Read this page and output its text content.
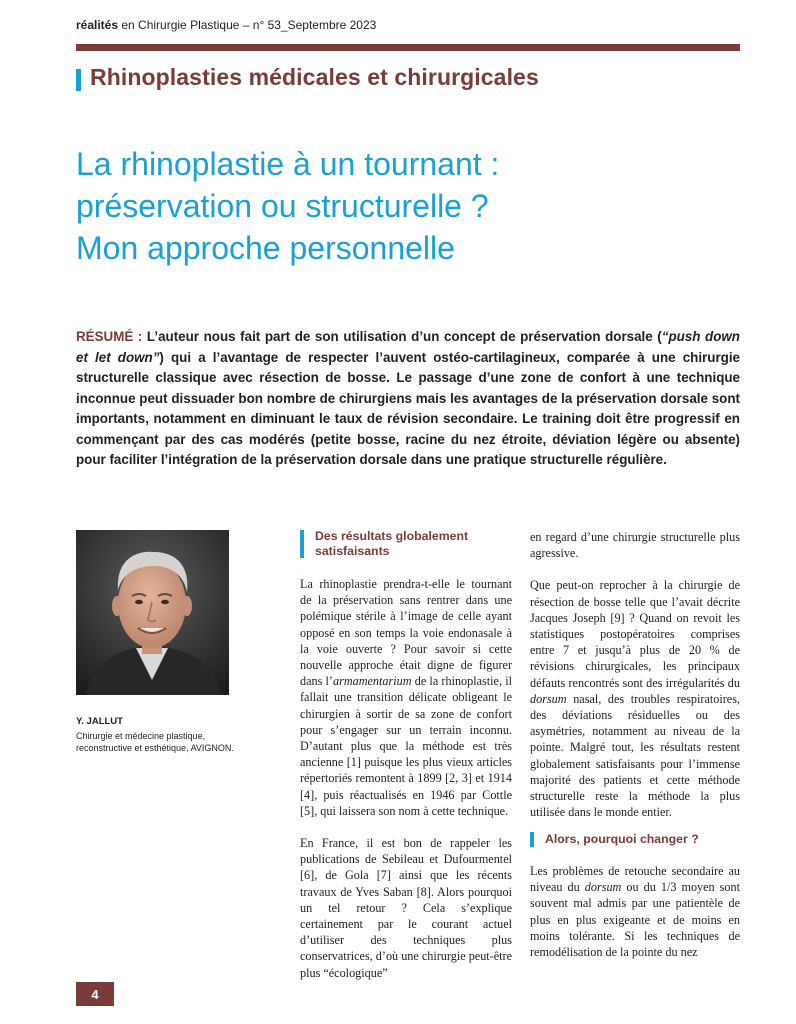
réalités en Chirurgie Plastique – n° 53_Septembre 2023
Rhinoplasties médicales et chirurgicales
La rhinoplastie à un tournant :
préservation ou structurelle ?
Mon approche personnelle
RÉSUMÉ : L’auteur nous fait part de son utilisation d’un concept de préservation dorsale (“push down et let down”) qui a l’avantage de respecter l’auvent ostéo-cartilagineux, comparée à une chirurgie structurelle classique avec résection de bosse. Le passage d’une zone de confort à une technique inconnue peut dissuader bon nombre de chirurgiens mais les avantages de la préservation dorsale sont importants, notamment en diminuant le taux de révision secondaire. Le training doit être progressif en commençant par des cas modérés (petite bosse, racine du nez étroite, déviation légère ou absente) pour faciliter l’intégration de la préservation dorsale dans une pratique structurelle régulière.
Y. JALLUT
Chirurgie et médecine plastique, reconstructive et esthétique, AVIGNON.
Des résultats globalement satisfaisants

La rhinoplastie prendra-t-elle le tournant de la préservation sans rentrer dans une polémique stérile à l’image de celle ayant opposé en son temps la voie endonasale à la voie ouverte ? Pour savoir si cette nouvelle approche était digne de figurer dans l’armamentarium de la rhinoplastie, il fallait une transition délicate obligeant le chirurgien à sortir de sa zone de confort pour s’engager sur un terrain inconnu. D’autant plus que la méthode est très ancienne [1] puisque les plus vieux articles répertoriés remontent à 1899 [2, 3] et 1914 [4], puis réactualisés en 1946 par Cottle [5], qui laissera son nom à cette technique.

En France, il est bon de rappeler les publications de Sebileau et Dufourmentel [6], de Gola [7] ainsi que les récents travaux de Yves Saban [8]. Alors pourquoi un tel retour ? Cela s’explique certainement par le courant actuel d’utiliser des techniques plus conservatrices, d’où une chirurgie peut-être plus “écologique”

en regard d’une chirurgie structurelle plus agressive.

Que peut-on reprocher à la chirurgie de résection de bosse telle que l’avait décrite Jacques Joseph [9] ? Quand on revoit les statistiques postopératoires comprises entre 7 et jusqu’à plus de 20 % de révisions chirurgicales, les principaux défauts rencontrés sont des irrégularités du dorsum nasal, des troubles respiratoires, des déviations résiduelles ou des asymétries, notamment au niveau de la pointe. Malgré tout, les résultats restent globalement satisfaisants pour l’immense majorité des patients et cette méthode structurelle reste la méthode la plus utilisée dans le monde entier.

Alors, pourquoi changer ?

Les problèmes de retouche secondaire au niveau du dorsum ou du 1/3 moyen sont souvent mal admis par une patientèle de plus en plus exigeante et de moins en moins tolérante. Si les techniques de remodélisation de la pointe du nez

4
